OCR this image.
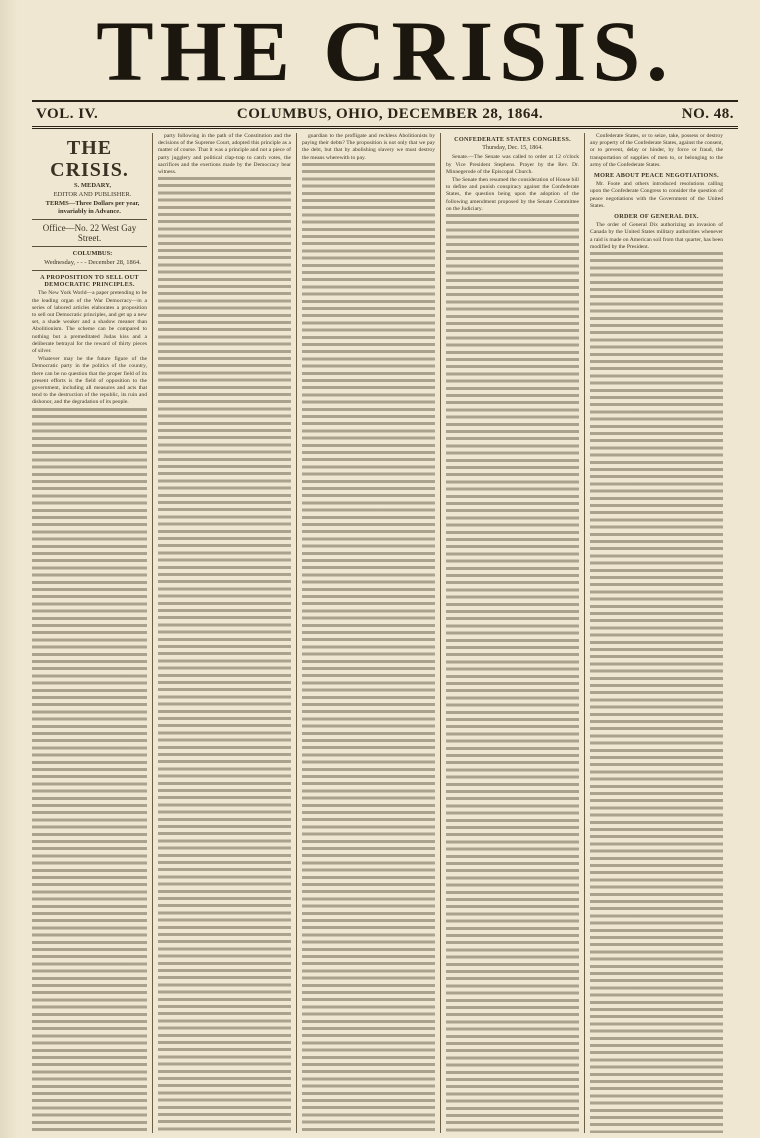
THE CRISIS.
VOL. IV.	COLUMBUS, OHIO, DECEMBER 28, 1864.	NO. 48.
THE CRISIS.

S. MEDARY,

EDITOR AND PUBLISHER.

TERMS—Three Dollars per year, invariably in Advance.

Office—No. 22 West Gay Street.

COLUMBUS:

Wednesday, - - - December 28, 1864.

A PROPOSITION TO SELL OUT DEMOCRATIC PRINCIPLES.

The New York World—a paper pretending to be the leading organ of the War Democracy—in a series of labored articles elaborates a proposition to sell out Democratic principles, and get up a new set, a shade weaker and a shadow meaner than Abolitionism. The scheme can be compared to nothing but a premeditated Judas kiss and a deliberate betrayal for the reward of thirty pieces of silver.

Whatever may be the future figure of the Democratic party in the politics of the country, there can be no question that the proper field of its present efforts is the field of opposition to the government, including all measures and acts that tend to the destruction of the republic, its ruin and dishonor, and the degradation of its people.

party following in the path of the Constitution and the decisions of the Supreme Court, adopted this principle as a matter of course. That it was a principle and not a piece of party jugglery and political clap-trap to catch votes, the sacrifices and the exertions made by the Democracy bear witness.

guardian to the profligate and reckless Abolitionists by paying their debts? The proposition is not only that we pay the debt, but that by abolishing slavery we must destroy the means wherewith to pay.

CONFEDERATE STATES CONGRESS.
Thursday, Dec. 15, 1864.

Senate.—The Senate was called to order at 12 o'clock by Vice President Stephens. Prayer by the Rev. Dr. Minnegerode of the Episcopal Church.

The Senate then resumed the consideration of House bill to define and punish conspiracy against the Confederate States, the question being upon the adoption of the following amendment proposed by the Senate Committee on the Judiciary.

Confederate States, or to seize, take, possess or destroy any property of the Confederate States, against the consent, or to prevent, delay or hinder, by force or fraud, the transportation of supplies of men to, or belonging to the army of the Confederate States.

MORE ABOUT PEACE NEGOTIATIONS.

Mr. Foote and others introduced resolutions calling upon the Confederate Congress to consider the question of peace negotiations with the Government of the United States.

ORDER OF GENERAL DIX.

The order of General Dix authorizing an invasion of Canada by the United States military authorities whenever a raid is made on American soil from that quarter, has been modified by the President.
